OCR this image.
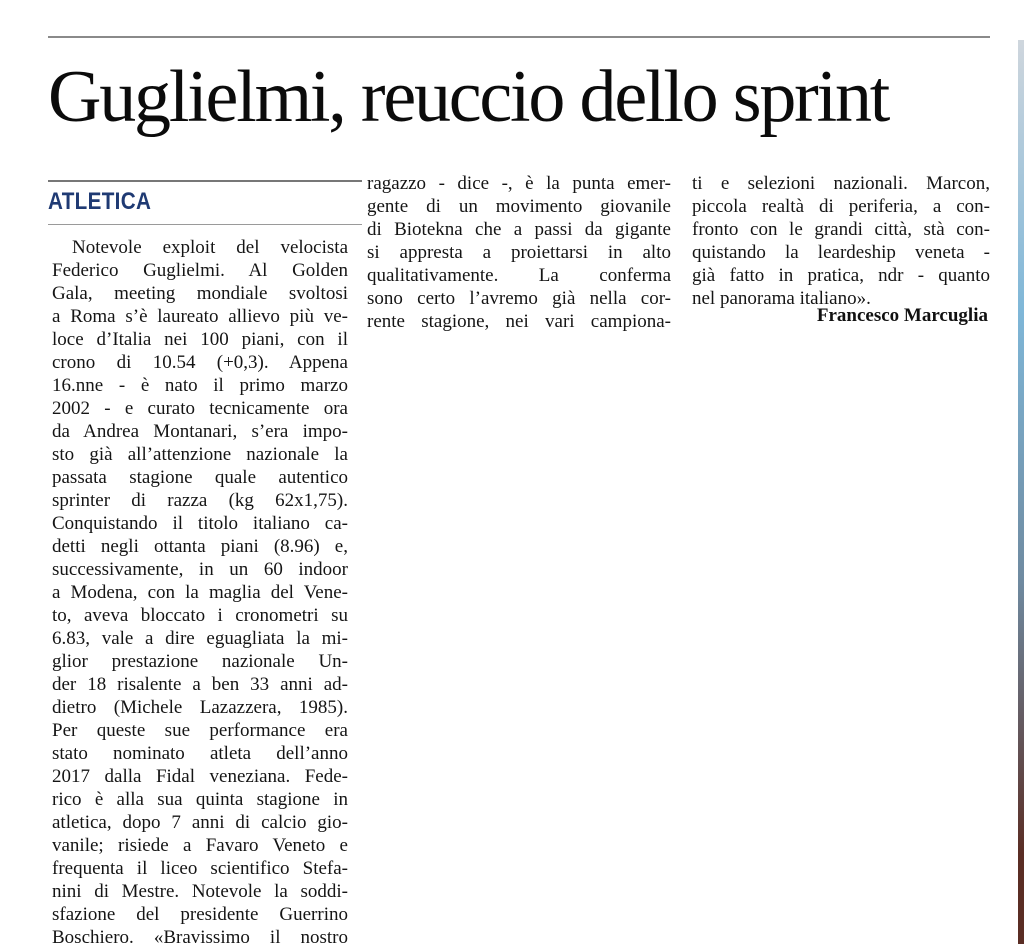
Guglielmi, reuccio dello sprint
ATLETICA
Notevole exploit del velocista
Federico Guglielmi. Al Golden
Gala, meeting mondiale svoltosi
a Roma s’è laureato allievo più ve-
loce d’Italia nei 100 piani, con il
crono di 10.54 (+0,3). Appena
16.nne - è nato il primo marzo
2002 - e curato tecnicamente ora
da Andrea Montanari, s’era impo-
sto già all’attenzione nazionale la
passata stagione quale autentico
sprinter di razza (kg 62x1,75).
Conquistando il titolo italiano ca-
detti negli ottanta piani (8.96) e,
successivamente, in un 60 indoor
a Modena, con la maglia del Vene-
to, aveva bloccato i cronometri su
6.83, vale a dire eguagliata la mi-
glior prestazione nazionale Un-
der 18 risalente a ben 33 anni ad-
dietro (Michele Lazazzera, 1985).
Per queste sue performance era
stato nominato atleta dell’anno
2017 dalla Fidal veneziana. Fede-
rico è alla sua quinta stagione in
atletica, dopo 7 anni di calcio gio-
vanile; risiede a Favaro Veneto e
frequenta il liceo scientifico Stefa-
nini di Mestre. Notevole la soddi-
sfazione del presidente Guerrino
Boschiero. «Bravissimo il nostro
ragazzo - dice -, è la punta emer-
gente di un movimento giovanile
di Biotekna che a passi da gigante
si appresta a proiettarsi in alto
qualitativamente. La conferma
sono certo l’avremo già nella cor-
rente stagione, nei vari campiona-
ti e selezioni nazionali. Marcon,
piccola realtà di periferia, a con-
fronto con le grandi città, stà con-
quistando la leardeship veneta -
già fatto in pratica, ndr - quanto
nel panorama italiano».

Francesco Marcuglia
